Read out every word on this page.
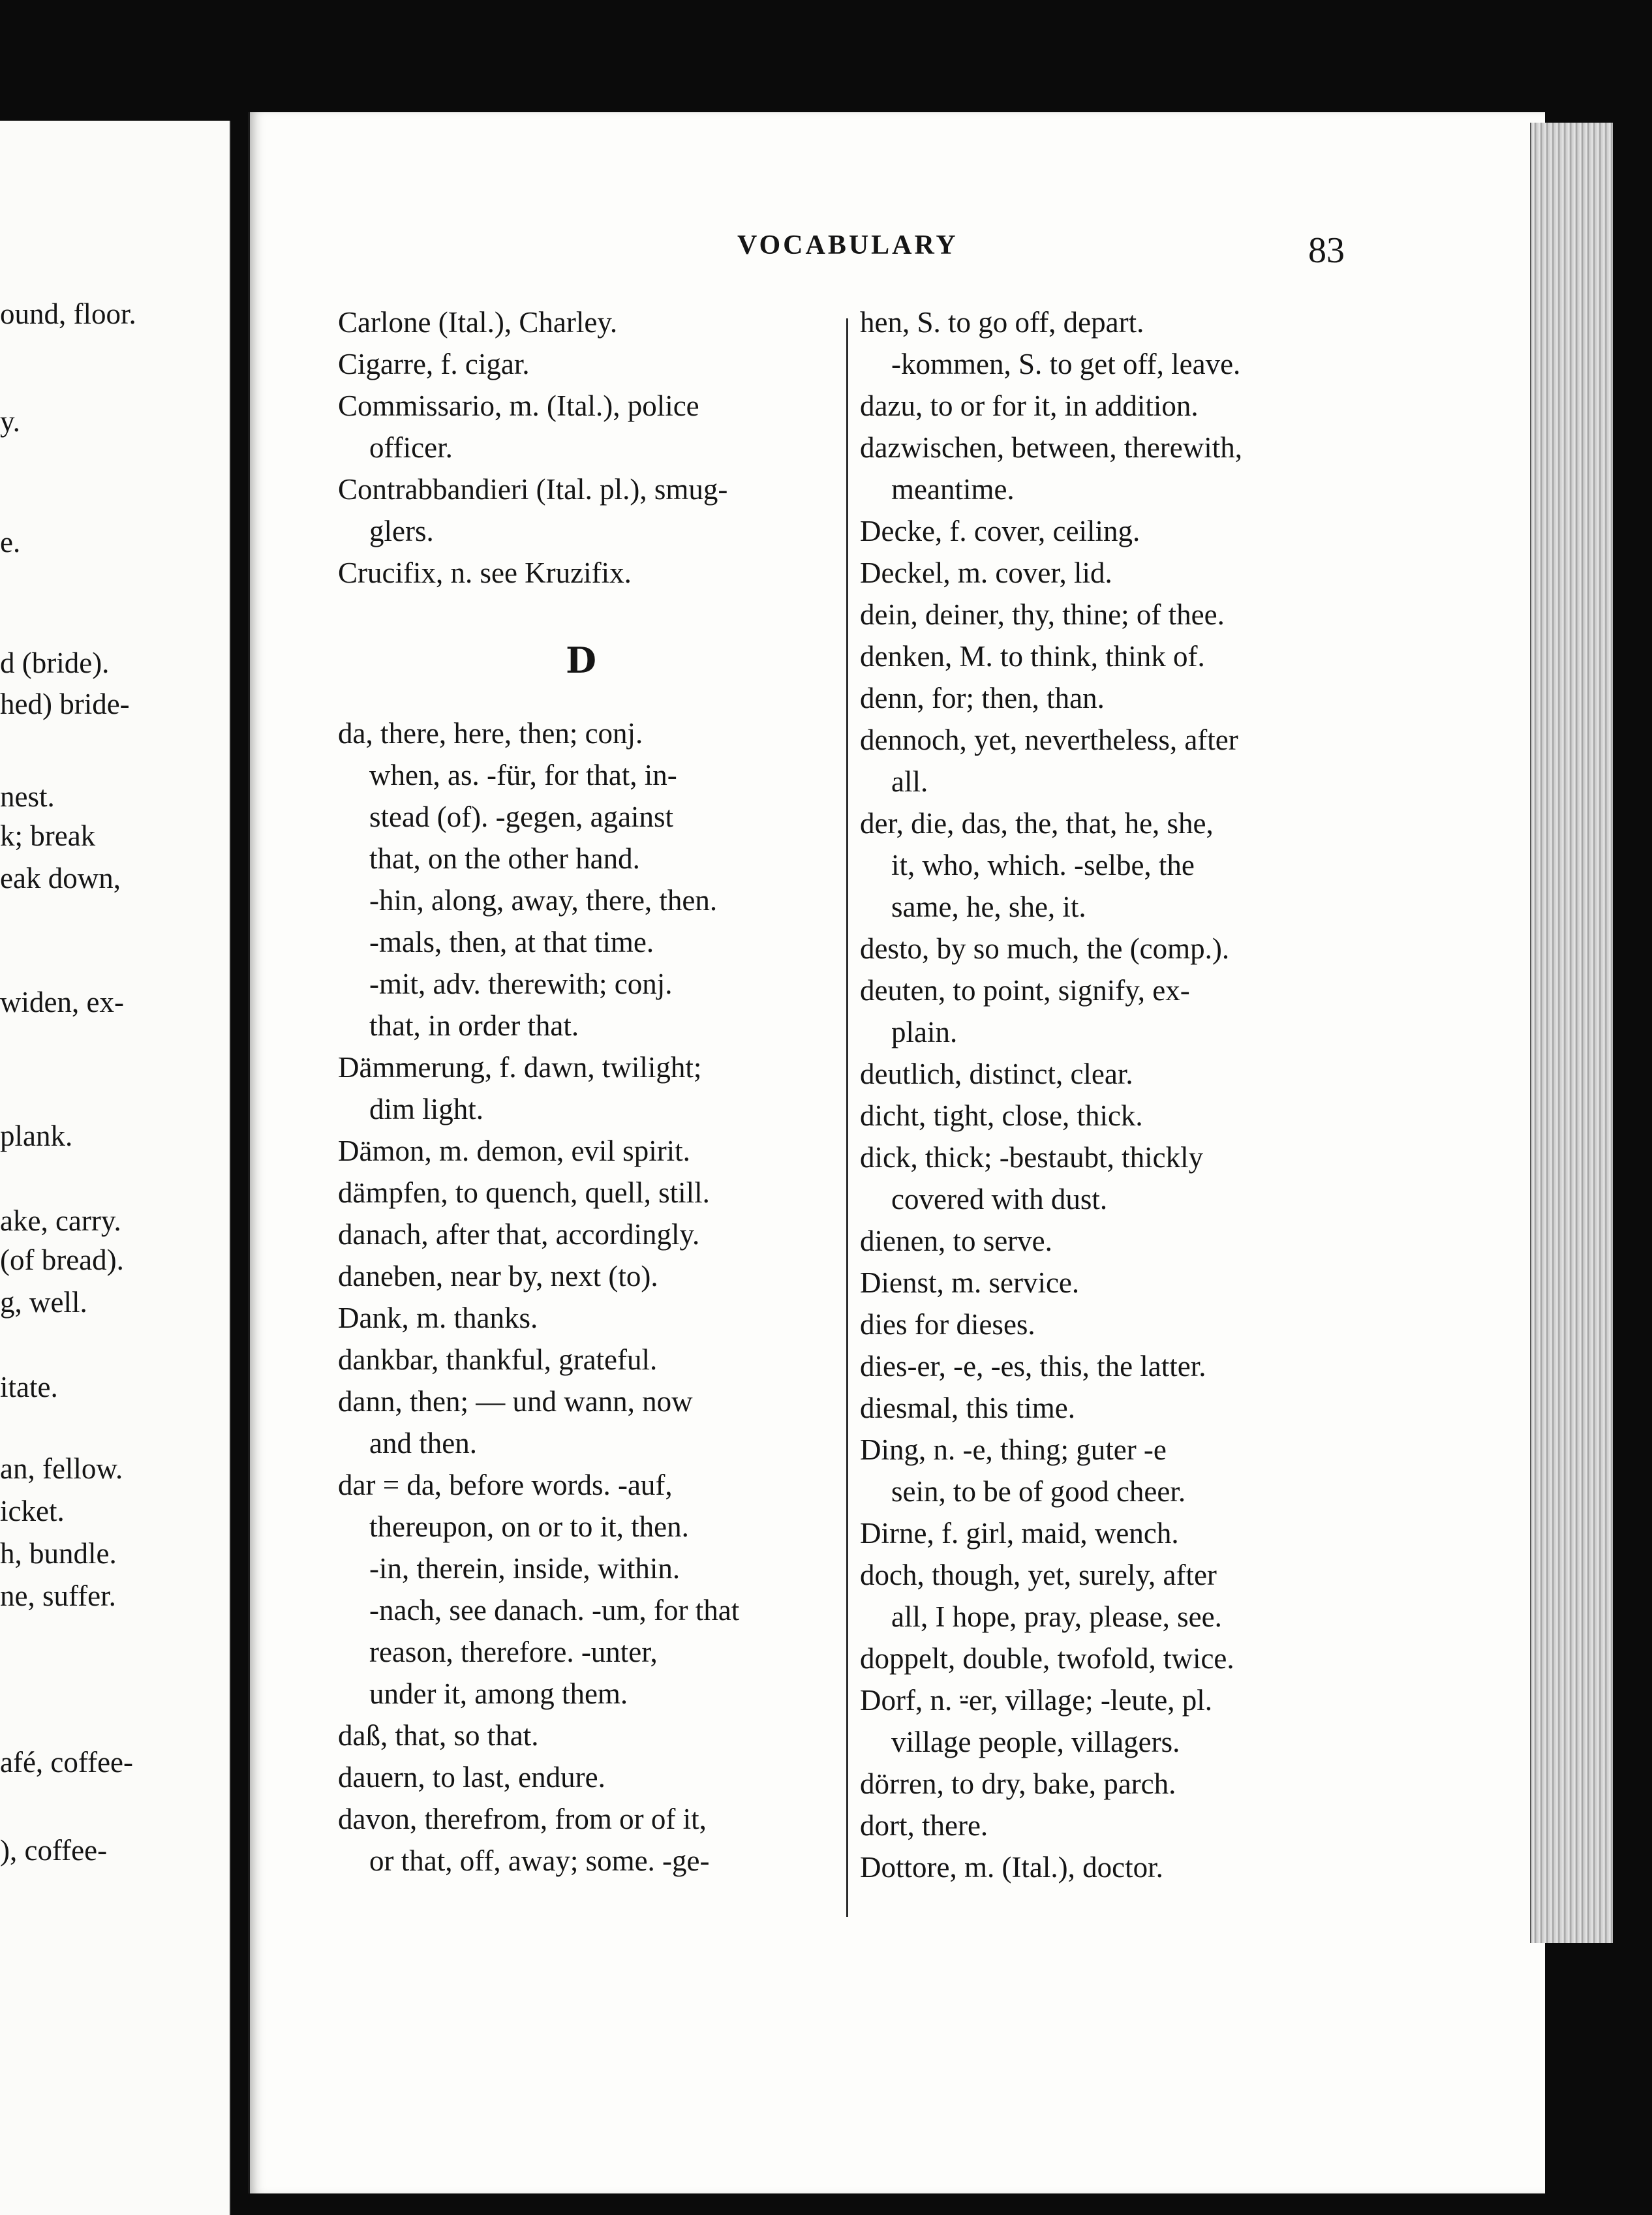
ound, floor.
y.
e.
d (bride).
hed) bride-
nest.
k; break
eak down,
widen, ex-
plank.
ake, carry.
(of bread).
g, well.
itate.
an, fellow.
icket.
h, bundle.
ne, suffer.
afé, coffee-
), coffee-
VOCABULARY	83
Carlone (Ital.), Charley.
Cigarre, f. cigar.
Commissario, m. (Ital.), police
officer.
Contrabbandieri (Ital. pl.), smug-
glers.
Crucifix, n. see Kruzifix.
D
da, there, here, then; conj.
when, as. -für, for that, in-
stead (of). -gegen, against
that, on the other hand.
-hin, along, away, there, then.
-mals, then, at that time.
-mit, adv. therewith; conj.
that, in order that.
Dämmerung, f. dawn, twilight;
dim light.
Dämon, m. demon, evil spirit.
dämpfen, to quench, quell, still.
danach, after that, accordingly.
daneben, near by, next (to).
Dank, m. thanks.
dankbar, thankful, grateful.
dann, then; — und wann, now
and then.
dar = da, before words. -auf,
thereupon, on or to it, then.
-in, therein, inside, within.
-nach, see danach. -um, for that
reason, therefore. -unter,
under it, among them.
daß, that, so that.
dauern, to last, endure.
davon, therefrom, from or of it,
or that, off, away; some. -ge-
hen, S. to go off, depart.
-kommen, S. to get off, leave.
dazu, to or for it, in addition.
dazwischen, between, therewith,
meantime.
Decke, f. cover, ceiling.
Deckel, m. cover, lid.
dein, deiner, thy, thine; of thee.
denken, M. to think, think of.
denn, for; then, than.
dennoch, yet, nevertheless, after
all.
der, die, das, the, that, he, she,
it, who, which. -selbe, the
same, he, she, it.
desto, by so much, the (comp.).
deuten, to point, signify, ex-
plain.
deutlich, distinct, clear.
dicht, tight, close, thick.
dick, thick; -bestaubt, thickly
covered with dust.
dienen, to serve.
Dienst, m. service.
dies for dieses.
dies-er, -e, -es, this, the latter.
diesmal, this time.
Ding, n. -e, thing; guter -e
sein, to be of good cheer.
Dirne, f. girl, maid, wench.
doch, though, yet, surely, after
all, I hope, pray, please, see.
doppelt, double, twofold, twice.
Dorf, n. ⸚er, village; -leute, pl.
village people, villagers.
dörren, to dry, bake, parch.
dort, there.
Dottore, m. (Ital.), doctor.
